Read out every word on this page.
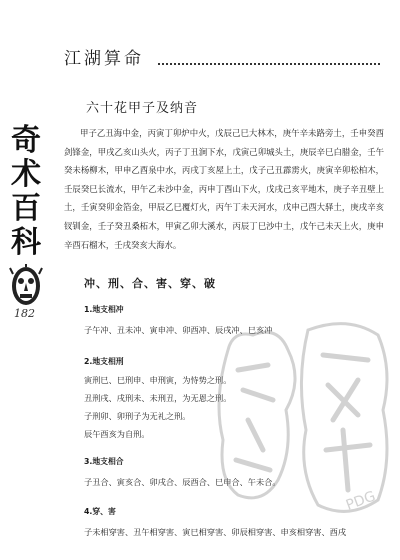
江湖算命
奇
术
百
科
182
六十花甲子及纳音

甲子乙丑海中金，丙寅丁卯炉中火，戊辰己巳大林木，庚午辛未路旁土，壬申癸酉剑锋金，甲戌乙亥山头火，丙子丁丑涧下水，戊寅己卯城头土，庚辰辛巳白腊金，壬午癸未杨柳木，甲申乙酉泉中水，丙戌丁亥屋上土，戊子己丑霹雳火，庚寅辛卯松柏木，壬辰癸巳长流水，甲午乙未沙中金，丙申丁酉山下火，戊戌己亥平地木，庚子辛丑壁上土，壬寅癸卯金箔金，甲辰乙巳覆灯火，丙午丁未天河水，戊申己酉大驿土，庚戌辛亥钗钏金，壬子癸丑桑柘木，甲寅乙卯大溪水，丙辰丁巳沙中土，戊午己未天上火，庚申辛酉石榴木，壬戌癸亥大海水。

冲、刑、合、害、穿、破
1.地支相冲
子午冲、丑未冲、寅申冲、卯酉冲、辰戌冲、巳亥冲
2.地支相刑
寅刑巳、巳刑申、申刑寅，为恃势之刑。
丑刑戌、戌刑未、未刑丑，为无恩之刑。
子刑卯、卯刑子为无礼之刑。
辰午酉亥为自刑。
3.地支相合
子丑合、寅亥合、卯戌合、辰酉合、巳申合、午未合。
4.穿、害
子未相穿害、丑午相穿害、寅巳相穿害、卯辰相穿害、申亥相穿害、酉戌
PDG
